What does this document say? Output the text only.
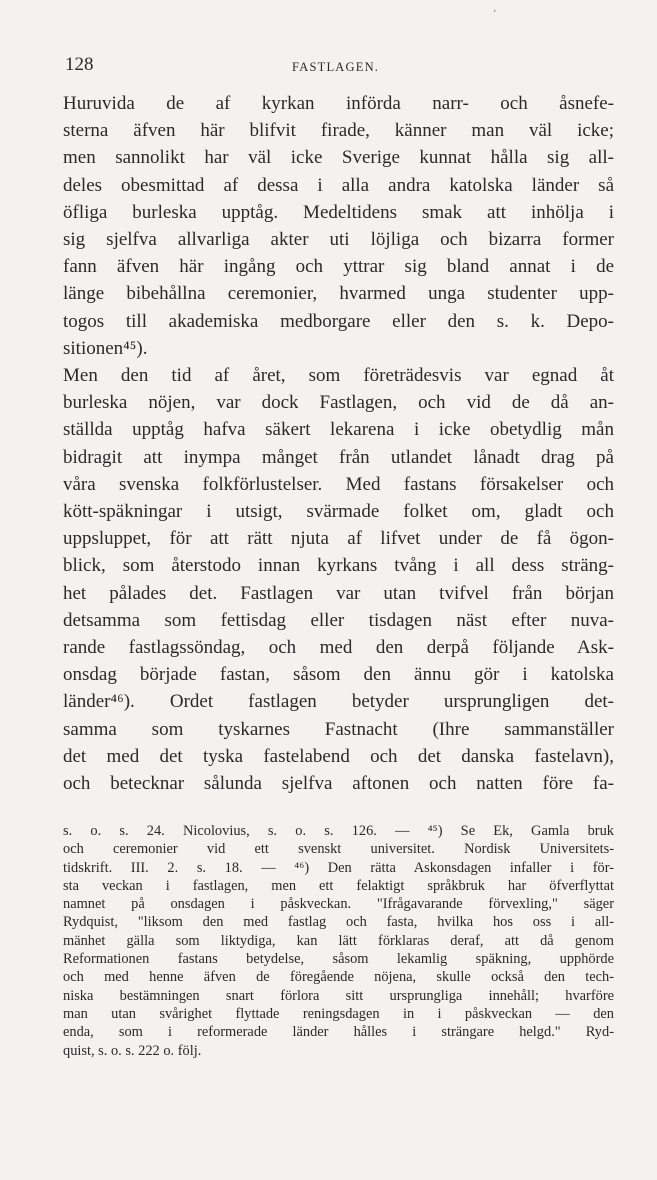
ʼ
128	FASTLAGEN.
Huruvida de af kyrkan införda narr- och åsnefe-
sterna äfven här blifvit firade, känner man väl icke;
men sannolikt har väl icke Sverige kunnat hålla sig all-
deles obesmittad af dessa i alla andra katolska länder så
öfliga burleska upptåg. Medeltidens smak att inhölja i
sig sjelfva allvarliga akter uti löjliga och bizarra former
fann äfven här ingång och yttrar sig bland annat i de
länge bibehållna ceremonier, hvarmed unga studenter upp-
togos till akademiska medborgare eller den s. k. Depo-
sitionen⁴⁵).
Men den tid af året, som företrädesvis var egnad åt
burleska nöjen, var dock Fastlagen, och vid de då an-
ställda upptåg hafva säkert lekarena i icke obetydlig mån
bidragit att inympa månget från utlandet lånadt drag på
våra svenska folkförlustelser. Med fastans försakelser och
kött-späkningar i utsigt, svärmade folket om, gladt och
uppsluppet, för att rätt njuta af lifvet under de få ögon-
blick, som återstodo innan kyrkans tvång i all dess sträng-
het pålades det. Fastlagen var utan tvifvel från början
detsamma som fettisdag eller tisdagen näst efter nuva-
rande fastlagssöndag, och med den derpå följande Ask-
onsdag började fastan, såsom den ännu gör i katolska
länder⁴⁶). Ordet fastlagen betyder ursprungligen det-
samma som tyskarnes Fastnacht (Ihre sammanställer
det med det tyska fastelabend och det danska fastelavn),
och betecknar sålunda sjelfva aftonen och natten före fa-
s. o. s. 24. Nicolovius, s. o. s. 126. — ⁴⁵) Se Ek, Gamla bruk
och ceremonier vid ett svenskt universitet. Nordisk Universitets-
tidskrift. III. 2. s. 18. — ⁴⁶) Den rätta Askonsdagen infaller i för-
sta veckan i fastlagen, men ett felaktigt språkbruk har öfverflyttat
namnet på onsdagen i påskveckan. "Ifrågavarande förvexling," säger
Rydquist, "liksom den med fastlag och fasta, hvilka hos oss i all-
mänhet gälla som liktydiga, kan lätt förklaras deraf, att då genom
Reformationen fastans betydelse, såsom lekamlig späkning, upphörde
och med henne äfven de föregående nöjena, skulle också den tech-
niska bestämningen snart förlora sitt ursprungliga innehåll; hvarföre
man utan svårighet flyttade reningsdagen in i påskveckan — den
enda, som i reformerade länder hålles i strängare helgd." Ryd-
quist, s. o. s. 222 o. följ.
